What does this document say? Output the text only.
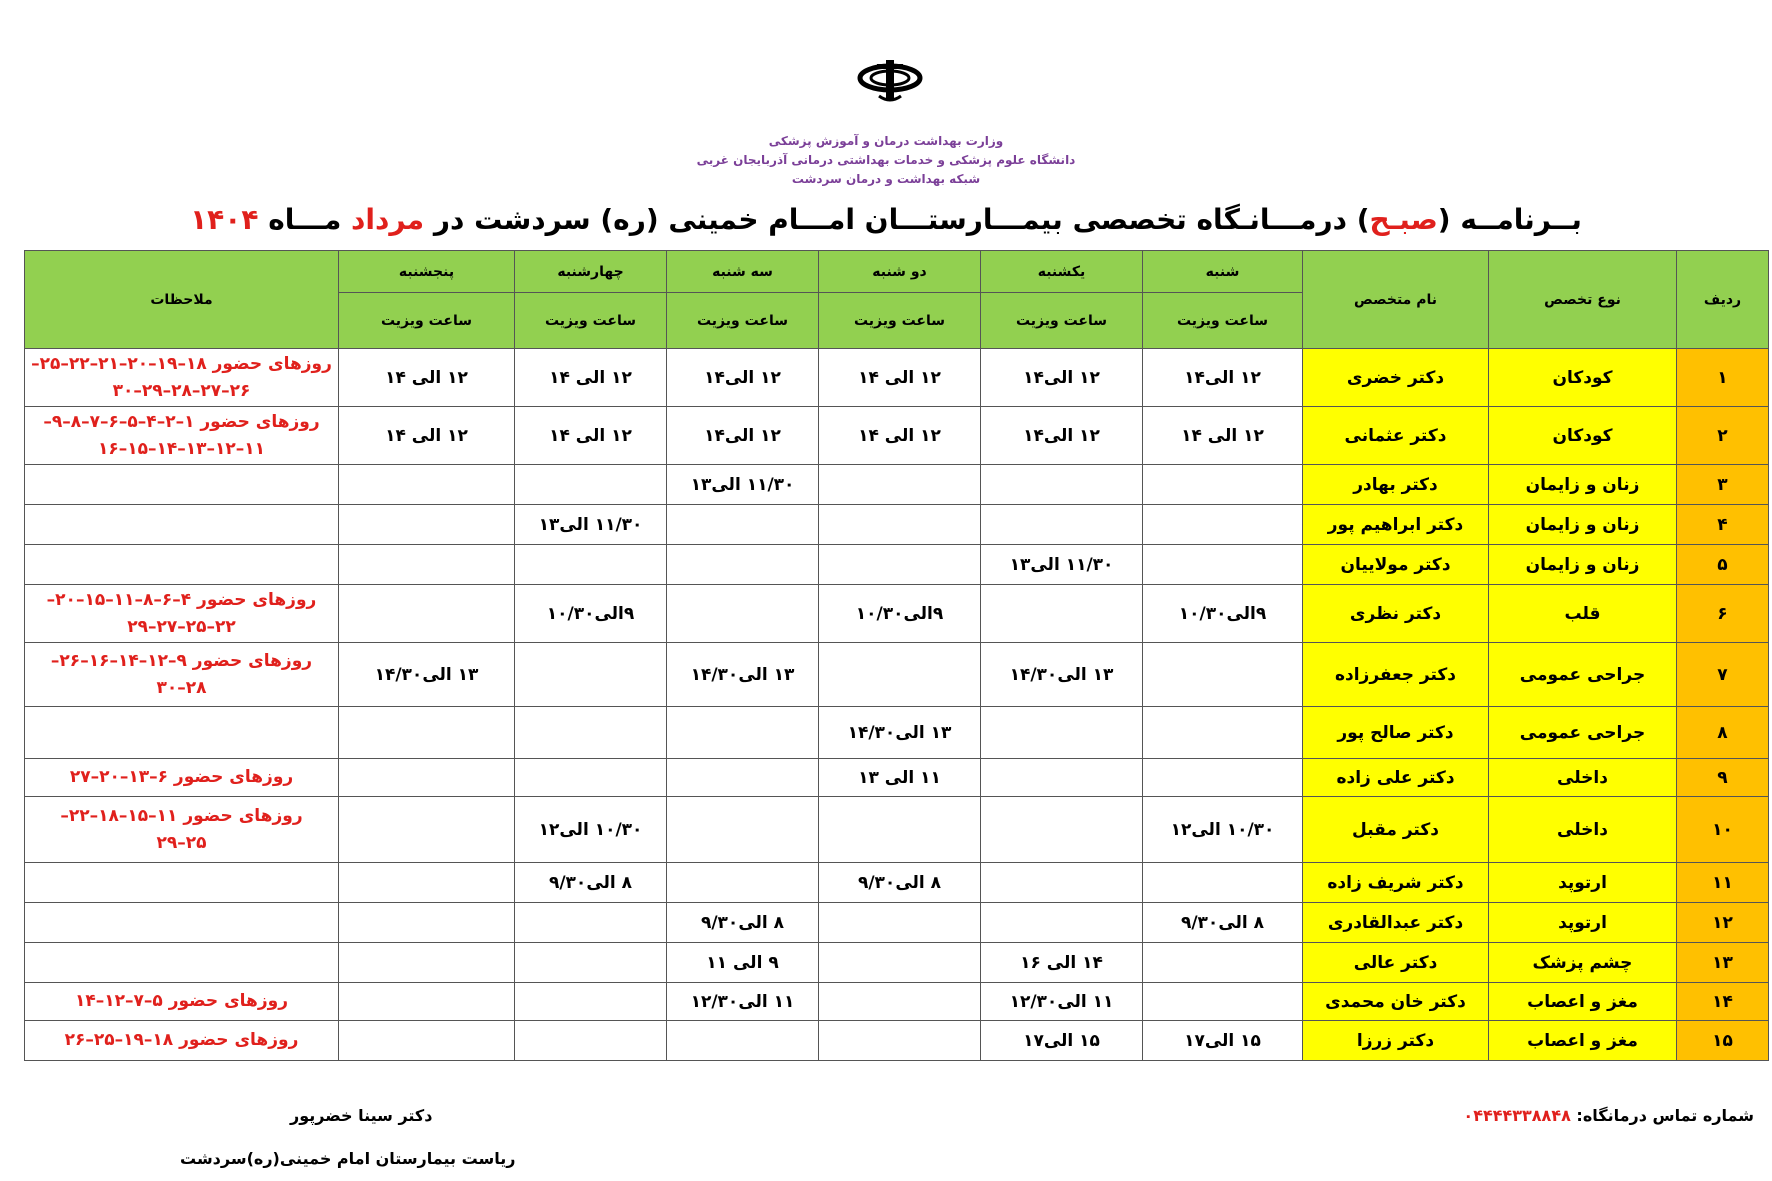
وزارت بهداشت درمان و آموزش پزشکی
دانشگاه علوم پزشکی و خدمات بهداشتی درمانی آذربایجان غربی
شبکه بهداشت و درمان سردشت
بــرنامــه (صبـح) درمـــانـگاه تخصصی بیمـــارستـــان امـــام خمینی (ره) سردشت در مرداد مـــاه ۱۴۰۴
ردیف	نوع تخصص	نام متخصص	شنبه	یکشنبه	دو شنبه	سه شنبه	چهارشنبه	پنجشنبه	ملاحظات
			ساعت ویزیت	ساعت ویزیت	ساعت ویزیت	ساعت ویزیت	ساعت ویزیت	ساعت ویزیت	
۱	کودکان	دکتر خضری	۱۲ الی۱۴	۱۲ الی۱۴	۱۲ الی ۱۴	۱۲ الی۱۴	۱۲ الی ۱۴	۱۲ الی ۱۴	روزهای حضور ۱۸–۱۹–۲۰–۲۱–۲۲–۲۵–
۲۶–۲۷–۲۸–۲۹–۳۰

۲	کودکان	دکتر عثمانی	۱۲ الی ۱۴	۱۲ الی۱۴	۱۲ الی ۱۴	۱۲ الی۱۴	۱۲ الی ۱۴	۱۲ الی ۱۴	روزهای حضور ۱–۲–۴–۵–۶–۷–۸–۹–
۱۱–۱۲–۱۳–۱۴–۱۵–۱۶

۳	زنان و زایمان	دکتر بهادر				۱۱/۳۰ الی۱۳			

۴	زنان و زایمان	دکتر ابراهیم پور					۱۱/۳۰ الی۱۳		

۵	زنان و زایمان	دکتر مولاییان		۱۱/۳۰ الی۱۳					

۶	قلب	دکتر نظری	۹الی۱۰/۳۰		۹الی۱۰/۳۰		۹الی۱۰/۳۰		روزهای حضور ۴–۶–۸–۱۱–۱۵–۲۰–
۲۲–۲۵–۲۷–۲۹

۷	جراحی عمومی	دکتر جعفرزاده		۱۳ الی۱۴/۳۰		۱۳ الی۱۴/۳۰		۱۳ الی۱۴/۳۰	روزهای حضور ۹–۱۲–۱۴–۱۶–۲۶–
۲۸–۳۰

۸	جراحی عمومی	دکتر صالح پور			۱۳ الی۱۴/۳۰				

۹	داخلی	دکتر علی زاده			۱۱ الی ۱۳				روزهای حضور ۶–۱۳–۲۰–۲۷

۱۰	داخلی	دکتر مقبل	۱۰/۳۰ الی۱۲				۱۰/۳۰ الی۱۲		روزهای حضور ۱۱–۱۵–۱۸–۲۲–
۲۵–۲۹

۱۱	ارتوپد	دکتر شریف زاده			۸ الی۹/۳۰		۸ الی۹/۳۰		

۱۲	ارتوپد	دکتر عبدالقادری	۸ الی۹/۳۰			۸ الی۹/۳۰			

۱۳	چشم پزشک	دکتر عالی		۱۴ الی ۱۶		۹ الی ۱۱			

۱۴	مغز و اعصاب	دکتر خان محمدی		۱۱ الی۱۲/۳۰		۱۱ الی۱۲/۳۰			روزهای حضور ۵–۷–۱۲–۱۴

۱۵	مغز و اعصاب	دکتر زرزا	۱۵ الی۱۷	۱۵ الی۱۷					روزهای حضور ۱۸–۱۹–۲۵–۲۶
شماره تماس درمانگاه: ۰۴۴۴۴۳۳۸۸۴۸
دکتر سینا خضرپور
ریاست بیمارستان امام خمینی(ره)سردشت
